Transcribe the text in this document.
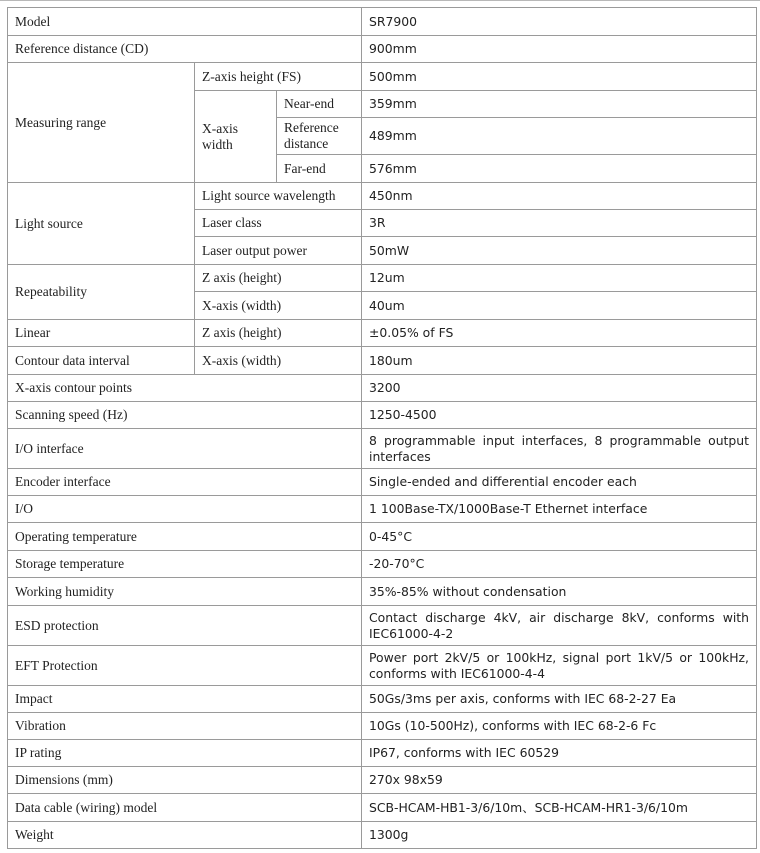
Model			SR7900
Reference distance (CD)			900mm
Measuring range	Z-axis height (FS)		500mm
	X-axis width	Near-end	359mm
		Reference distance	489mm
		Far-end	576mm
Light source	Light source wavelength		450nm
	Laser class		3R
	Laser output power		50mW
Repeatability	Z axis (height)		12um
	X-axis (width)		40um
Linear	Z axis (height)		±0.05% of FS
Contour data interval	X-axis (width)		180um
X-axis contour points			3200
Scanning speed (Hz)			1250-4500
I/O interface			8 programmable input interfaces, 8 programmable output interfaces
Encoder interface			Single-ended and differential encoder each
I/O			1 100Base-TX/1000Base-T Ethernet interface
Operating temperature			0-45°C
Storage temperature			-20-70°C
Working humidity			35%-85% without condensation
ESD protection			Contact discharge 4kV, air discharge 8kV, conforms with IEC61000-4-2
EFT Protection			Power port 2kV/5 or 100kHz, signal port 1kV/5 or 100kHz, conforms with IEC61000-4-4
Impact			50Gs/3ms per axis, conforms with IEC 68-2-27 Ea
Vibration			10Gs (10-500Hz), conforms with IEC 68-2-6 Fc
IP rating			IP67, conforms with IEC 60529
Dimensions (mm)			270x 98x59
Data cable (wiring) model			SCB-HCAM-HB1-3/6/10m、SCB-HCAM-HR1-3/6/10m
Weight			1300g
